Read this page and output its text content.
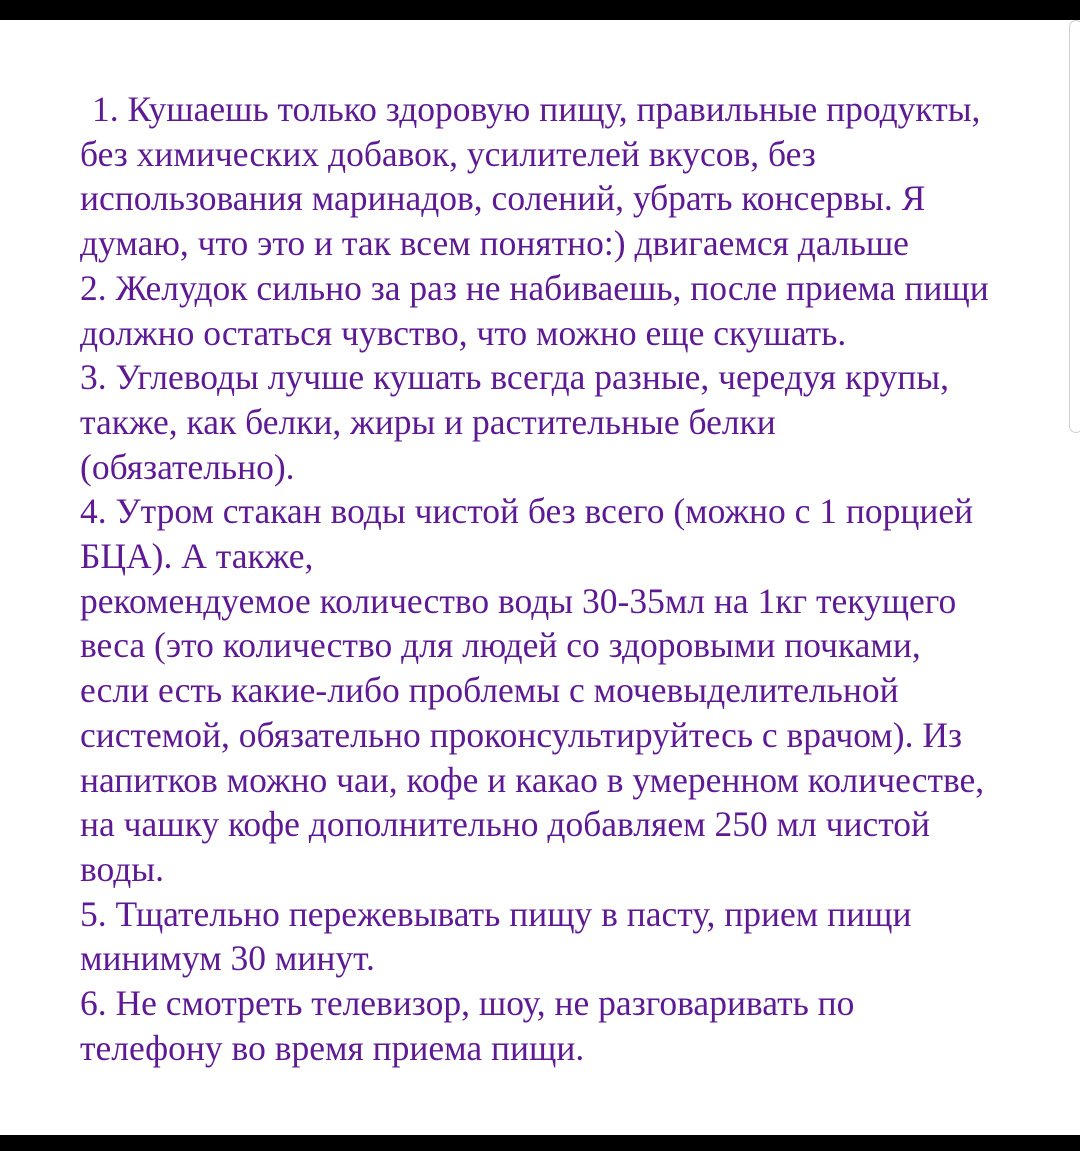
1. Кушаешь только здоровую пищу, правильные продукты,
без химических добавок, усилителей вкусов, без
использования маринадов, солений, убрать консервы. Я
думаю, что это и так всем понятно:) двигаемся дальше
2. Желудок сильно за раз не набиваешь, после приема пищи
должно остаться чувство, что можно еще скушать.
3. Углеводы лучше кушать всегда разные, чередуя крупы,
также, как белки, жиры и растительные белки
(обязательно).
4. Утром стакан воды чистой без всего (можно с 1 порцией
БЦА). А также,
рекомендуемое количество воды 30-35мл на 1кг текущего
веса (это количество для людей со здоровыми почками,
если есть какие-либо проблемы с мочевыделительной
системой, обязательно проконсультируйтесь с врачом). Из
напитков можно чаи, кофе и какао в умеренном количестве,
на чашку кофе дополнительно добавляем 250 мл чистой
воды.
5. Тщательно пережевывать пищу в пасту, прием пищи
минимум 30 минут.
6. Не смотреть телевизор, шоу, не разговаривать по
телефону во время приема пищи.
